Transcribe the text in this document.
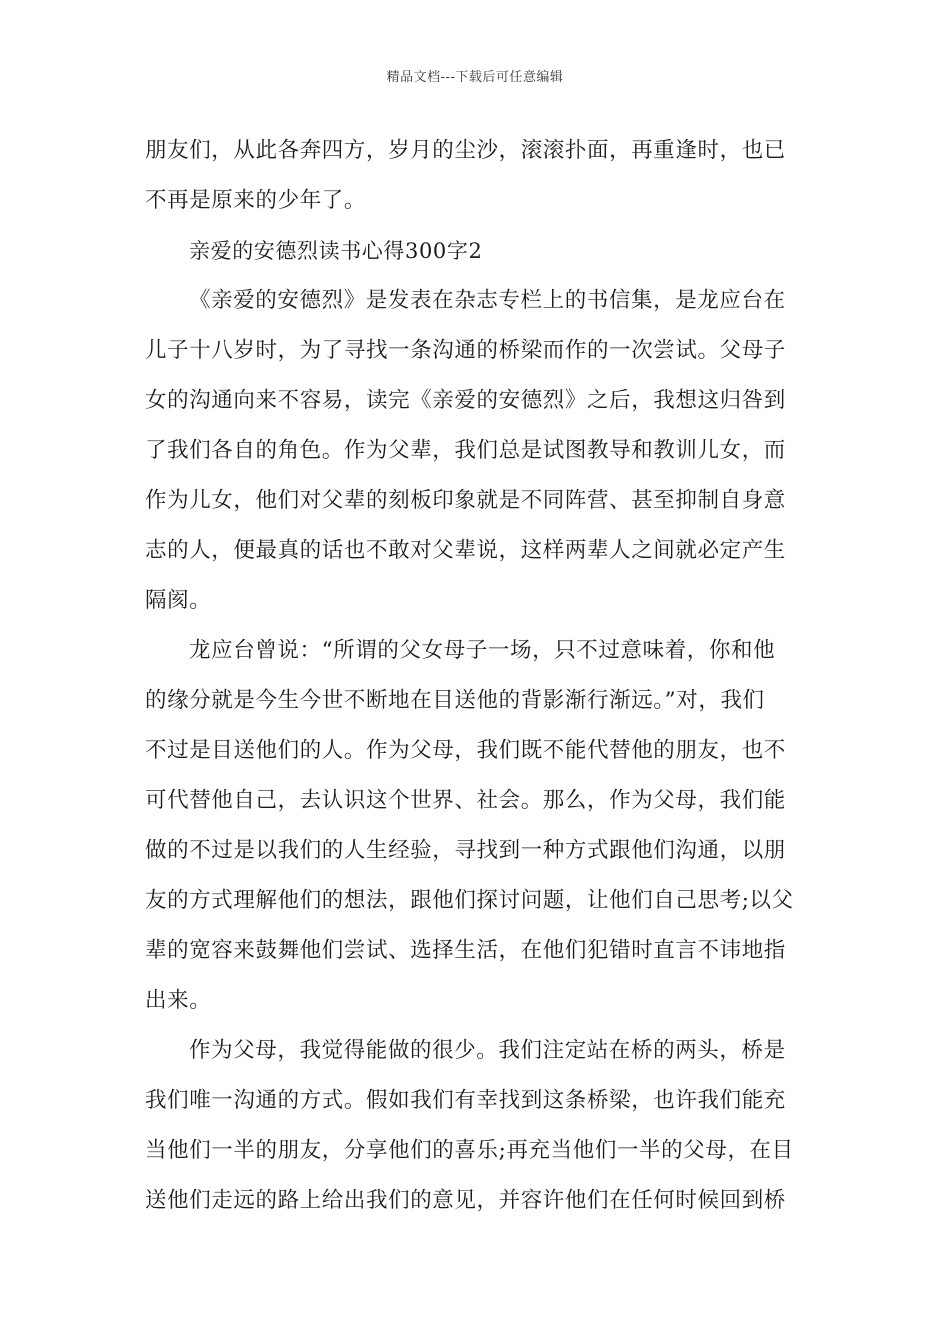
精品文档---下载后可任意编辑
朋友们，从此各奔四方，岁月的尘沙，滚滚扑面，再重逢时，也已
不再是原来的少年了。
亲爱的安德烈读书心得300字2
《亲爱的安德烈》是发表在杂志专栏上的书信集，是龙应台在
儿子十八岁时，为了寻找一条沟通的桥梁而作的一次尝试。父母子
女的沟通向来不容易，读完《亲爱的安德烈》之后，我想这归咎到
了我们各自的角色。作为父辈，我们总是试图教导和教训儿女，而
作为儿女，他们对父辈的刻板印象就是不同阵营、甚至抑制自身意
志的人，便最真的话也不敢对父辈说，这样两辈人之间就必定产生
隔阂。
龙应台曾说：“所谓的父女母子一场，只不过意味着，你和他
的缘分就是今生今世不断地在目送他的背影渐行渐远。”对，我们
不过是目送他们的人。作为父母，我们既不能代替他的朋友，也不
可代替他自己，去认识这个世界、社会。那么，作为父母，我们能
做的不过是以我们的人生经验，寻找到一种方式跟他们沟通，以朋
友的方式理解他们的想法，跟他们探讨问题，让他们自己思考;以父
辈的宽容来鼓舞他们尝试、选择生活，在他们犯错时直言不讳地指
出来。
作为父母，我觉得能做的很少。我们注定站在桥的两头，桥是
我们唯一沟通的方式。假如我们有幸找到这条桥梁，也许我们能充
当他们一半的朋友，分享他们的喜乐;再充当他们一半的父母，在目
送他们走远的路上给出我们的意见，并容许他们在任何时候回到桥
